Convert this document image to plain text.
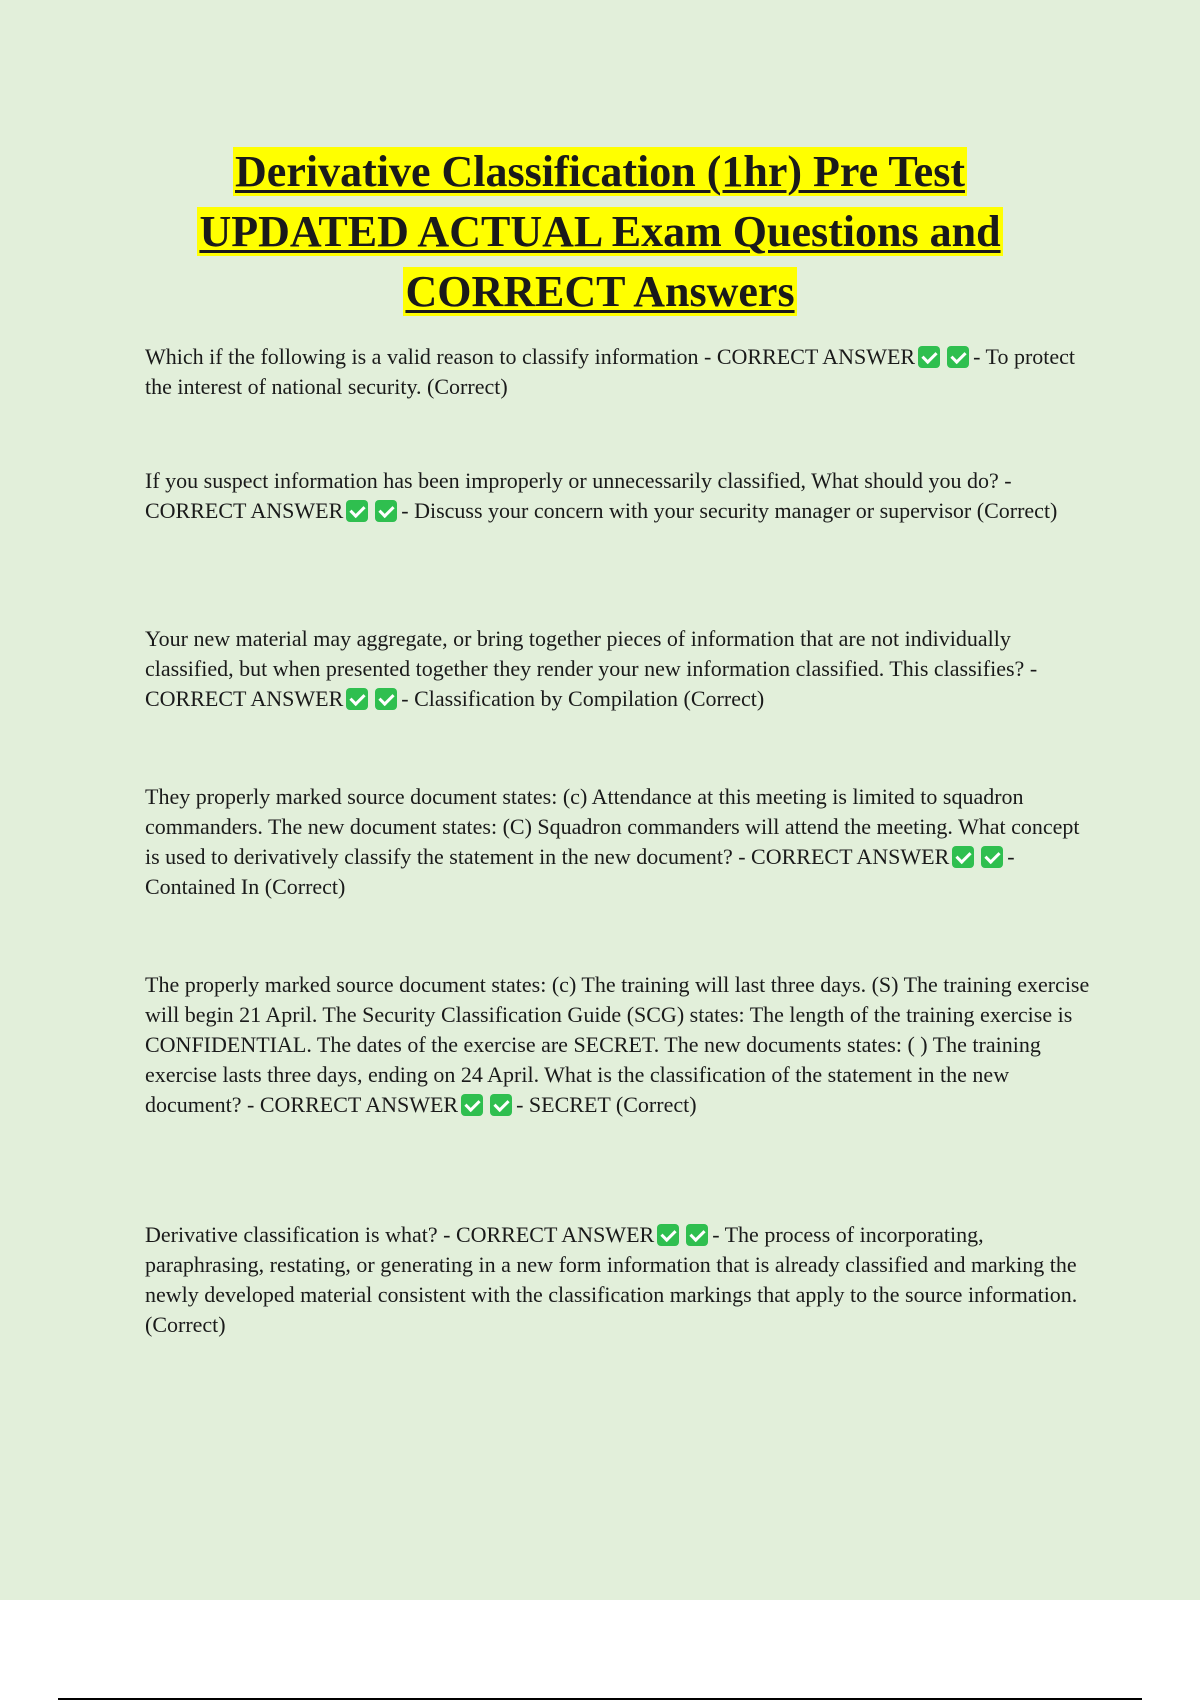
Derivative Classification (1hr) Pre Test
UPDATED ACTUAL Exam Questions and
CORRECT Answers

Which if the following is a valid reason to classify information - CORRECT ANSWER	- To protect the interest of national security. (Correct)

If you suspect information has been improperly or unnecessarily classified, What should you do? - CORRECT ANSWER	- Discuss your concern with your security manager or supervisor (Correct)

Your new material may aggregate, or bring together pieces of information that are not individually classified, but when presented together they render your new information classified. This classifies? - CORRECT ANSWER	- Classification by Compilation (Correct)

They properly marked source document states: (c) Attendance at this meeting is limited to squadron commanders. The new document states: (C) Squadron commanders will attend the meeting. What concept is used to derivatively classify the statement in the new document? - CORRECT ANSWER	- Contained In (Correct)

The properly marked source document states: (c) The training will last three days. (S) The training exercise will begin 21 April. The Security Classification Guide (SCG) states: The length of the training exercise is CONFIDENTIAL. The dates of the exercise are SECRET. The new documents states: ( ) The training exercise lasts three days, ending on 24 April. What is the classification of the statement in the new document? - CORRECT ANSWER	- SECRET (Correct)

Derivative classification is what? - CORRECT ANSWER	- The process of incorporating, paraphrasing, restating, or generating in a new form information that is already classified and marking the newly developed material consistent with the classification markings that apply to the source information. (Correct)
